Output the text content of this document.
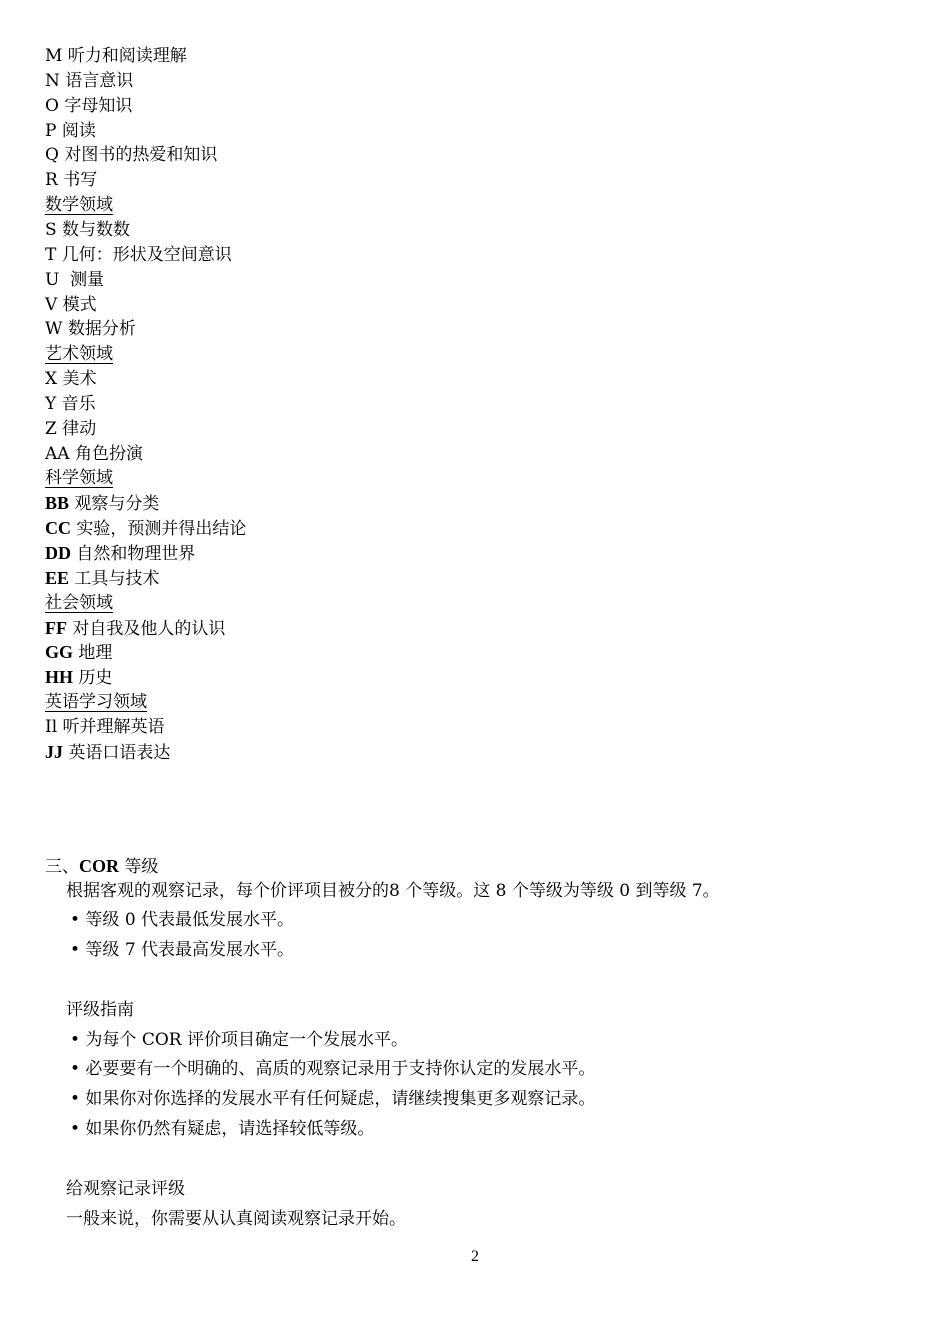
M 听力和阅读理解
N 语言意识
O 字母知识
P 阅读
Q 对图书的热爱和知识
R 书写
数学领域
S 数与数数
T 几何：形状及空间意识
U  测量
V 模式
W 数据分析
艺术领域
X 美术
Y 音乐
Z 律动
AA 角色扮演
科学领域
BB 观察与分类
CC 实验，预测并得出结论
DD 自然和物理世界
EE 工具与技术
社会领域
FF 对自我及他人的认识
GG 地理
HH 历史
英语学习领域
Il 听并理解英语
JJ 英语口语表达
三、COR 等级
根据客观的观察记录，每个价评项目被分的8 个等级。这 8 个等级为等级 0 到等级 7。
• 等级 0 代表最低发展水平。
• 等级 7 代表最高发展水平。
评级指南
• 为每个 COR 评价项目确定一个发展水平。
• 必要要有一个明确的、高质的观察记录用于支持你认定的发展水平。
• 如果你对你选择的发展水平有任何疑虑，请继续搜集更多观察记录。
• 如果你仍然有疑虑，请选择较低等级。
给观察记录评级
一般来说，你需要从认真阅读观察记录开始。
2
